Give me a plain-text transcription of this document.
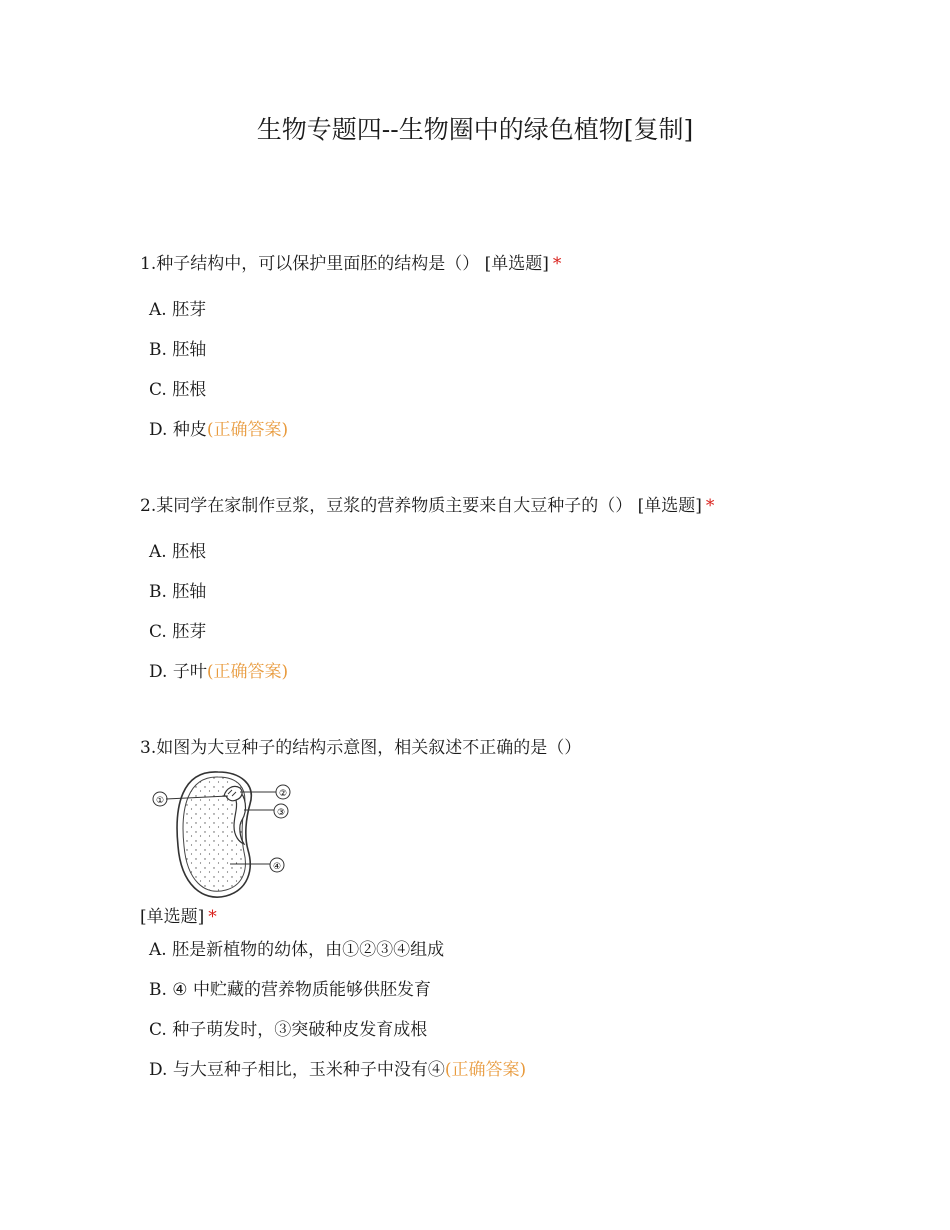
生物专题四--生物圈中的绿色植物[复制]

1.种子结构中，可以保护里面胚的结构是（） [单选题] *

A. 胚芽
B. 胚轴
C. 胚根
D. 种皮(正确答案)

2.某同学在家制作豆浆，豆浆的营养物质主要来自大豆种子的（） [单选题] *

A. 胚根
B. 胚轴
C. 胚芽
D. 子叶(正确答案)

3.如图为大豆种子的结构示意图，相关叙述不正确的是（）

①
②
③
④

[单选题] *

A. 胚是新植物的幼体，由①②③④组成
B. ④ 中贮藏的营养物质能够供胚发育
C. 种子萌发时，③突破种皮发育成根
D. 与大豆种子相比，玉米种子中没有④(正确答案)
